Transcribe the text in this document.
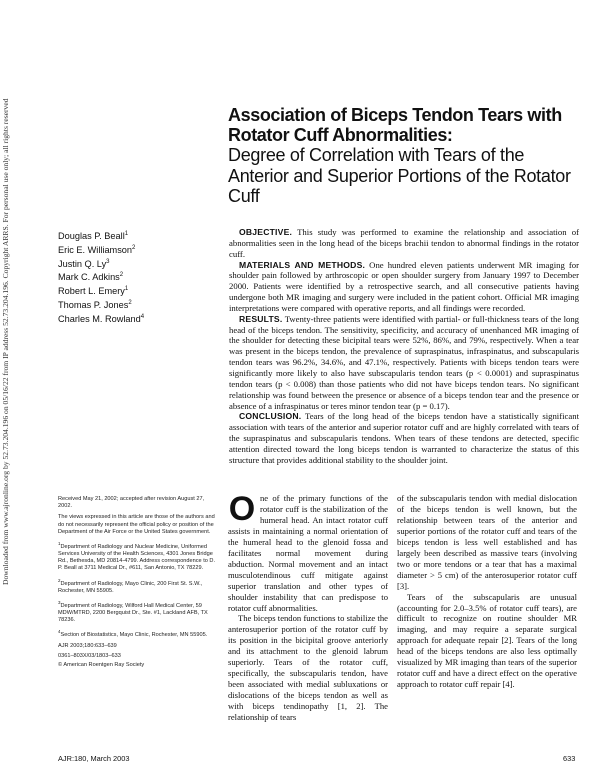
Downloaded from www.ajronline.org by 52.73.204.196 on 05/16/22 from IP address 52.73.204.196. Copyright ARRS. For personal use only; all rights reserved	Association of Biceps Tendon Tears with Rotator Cuff Abnormalities:
Degree of Correlation with Tears of the Anterior and Superior Portions of the Rotator Cuff
Douglas P. Beall$^1$
Eric E. Williamson$^2$
Justin Q. Ly$^3$
Mark C. Adkins$^2$
Robert L. Emery$^1$
Thomas P. Jones$^2$
Charles M. Rowland$^4$

OBJECTIVE. This study was performed to examine the relationship and association of abnormalities seen in the long head of the biceps brachii tendon to abnormal findings in the rotator cuff.

MATERIALS AND METHODS. One hundred eleven patients underwent MR imaging for shoulder pain followed by arthroscopic or open shoulder surgery from January 1997 to December 2000. Patients were identified by a retrospective search, and all consecutive patients having undergone both MR imaging and surgery were included in the patient cohort. Official MR imaging interpretations were compared with operative reports, and all findings were recorded.

RESULTS. Twenty-three patients were identified with partial- or full-thickness tears of the long head of the biceps tendon. The sensitivity, specificity, and accuracy of unenhanced MR imaging of the shoulder for detecting these bicipital tears were 52%, 86%, and 79%, respectively. When a tear was present in the biceps tendon, the prevalence of supraspinatus, infraspinatus, and subscapularis tendon tears was 96.2%, 34.6%, and 47.1%, respectively. Patients with biceps tendon tears were significantly more likely to also have subscapularis tendon tears (p < 0.0001) and supraspinatus tendon tears (p < 0.008) than those patients who did not have biceps tendon tears. No significant relationship was found between the presence or absence of a biceps tendon tear and the presence or absence of a infraspinatus or teres minor tendon tear (p = 0.17).

CONCLUSION. Tears of the long head of the biceps tendon have a statistically significant association with tears of the anterior and superior rotator cuff and are highly correlated with tears of the supraspinatus and subscapularis tendons. When tears of these tendons are detected, specific attention directed toward the long biceps tendon is warranted to characterize the status of this structure that provides additional stability to the shoulder joint.

Received May 21, 2002; accepted after revision August 27, 2002.

The views expressed in this article are those of the authors and do not necessarily represent the official policy or position of the Department of the Air Force or the United States government.

$^1$Department of Radiology and Nuclear Medicine, Uniformed Services University of the Health Sciences, 4301 Jones Bridge Rd., Bethesda, MD 20814-4799. Address correspondence to D. P. Beall at 3711 Medical Dr., #611, San Antonio, TX 78229.

$^2$Department of Radiology, Mayo Clinic, 200 First St. S.W., Rochester, MN 55905.

$^3$Department of Radiology, Wilford Hall Medical Center, 59 MDW/MTRD, 2200 Bergquist Dr., Ste. #1, Lackland AFB, TX 78236.

$^4$Section of Biostatistics, Mayo Clinic, Rochester, MN 55905.

AJR 2003;180:633–639

0361–803X/03/1803–633

© American Roentgen Ray Society

One of the primary functions of the rotator cuff is the stabilization of the humeral head. An intact rotator cuff assists in maintaining a normal orientation of the humeral head to the glenoid fossa and facilitates normal movement during abduction. Normal movement and an intact musculotendinous cuff mitigate against superior translation and other types of shoulder instability that can predispose to rotator cuff abnormalities.

The biceps tendon functions to stabilize the anterosuperior portion of the rotator cuff by its position in the bicipital groove anteriorly and its attachment to the glenoid labrum superiorly. Tears of the rotator cuff, specifically, the subscapularis tendon, have been associated with medial subluxations or dislocations of the biceps tendon as well as with biceps tendinopathy [1, 2]. The relationship of tears

of the subscapularis tendon with medial dislocation of the biceps tendon is well known, but the relationship between tears of the anterior and superior portions of the rotator cuff and tears of the biceps tendon is less well established and has largely been described as massive tears (involving two or more tendons or a tear that has a maximal diameter > 5 cm) of the anterosuperior rotator cuff [3].

Tears of the subscapularis are unusual (accounting for 2.0–3.5% of rotator cuff tears), are difficult to recognize on routine shoulder MR imaging, and may require a separate surgical approach for adequate repair [2]. Tears of the long head of the biceps tendons are also less optimally visualized by MR imaging than tears of the superior rotator cuff and have a direct effect on the operative approach to rotator cuff repair [4].

AJR:180, March 2003	633
